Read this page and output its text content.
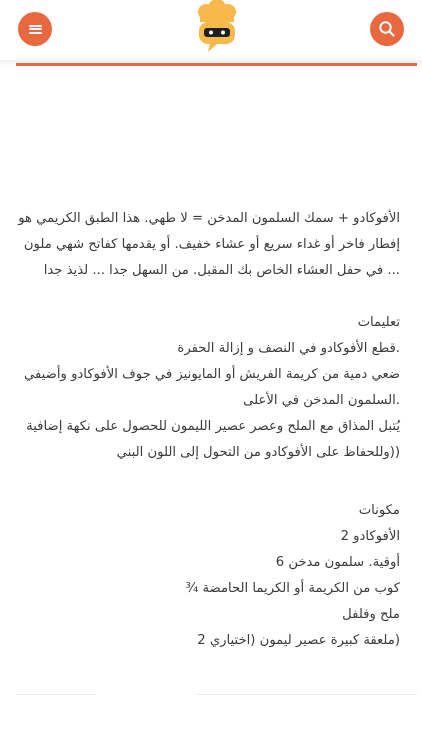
الأفوكادو + سمك السلمون المدخن = لا طهي. هذا الطبق الكريمي هو

إفطار فاخر أو غداء سريع أو عشاء خفيف. أو يقدمها كفاتح شهي ملون

... في حفل العشاء الخاص بك المقبل. من السهل جدا ... لذيذ جدا

تعليمات

.قطع الأفوكادو في النصف و إزالة الحفرة

ضعي دمية من كريمة الفريش أو المايونيز في جوف الأفوكادو وأضيفي

.السلمون المدخن في الأعلى

يُتبل المذاق مع الملح وعصر عصير الليمون للحصول على نكهة إضافية

((وللحفاظ على الأفوكادو من التحول إلى اللون البني

مكونات

الأفوكادو 2

أوقية. سلمون مدخن 6

كوب من الكريمة أو الكريما الحامضة ¾

ملح وفلفل

(ملعقة كبيرة عصير ليمون (اختياري 2
